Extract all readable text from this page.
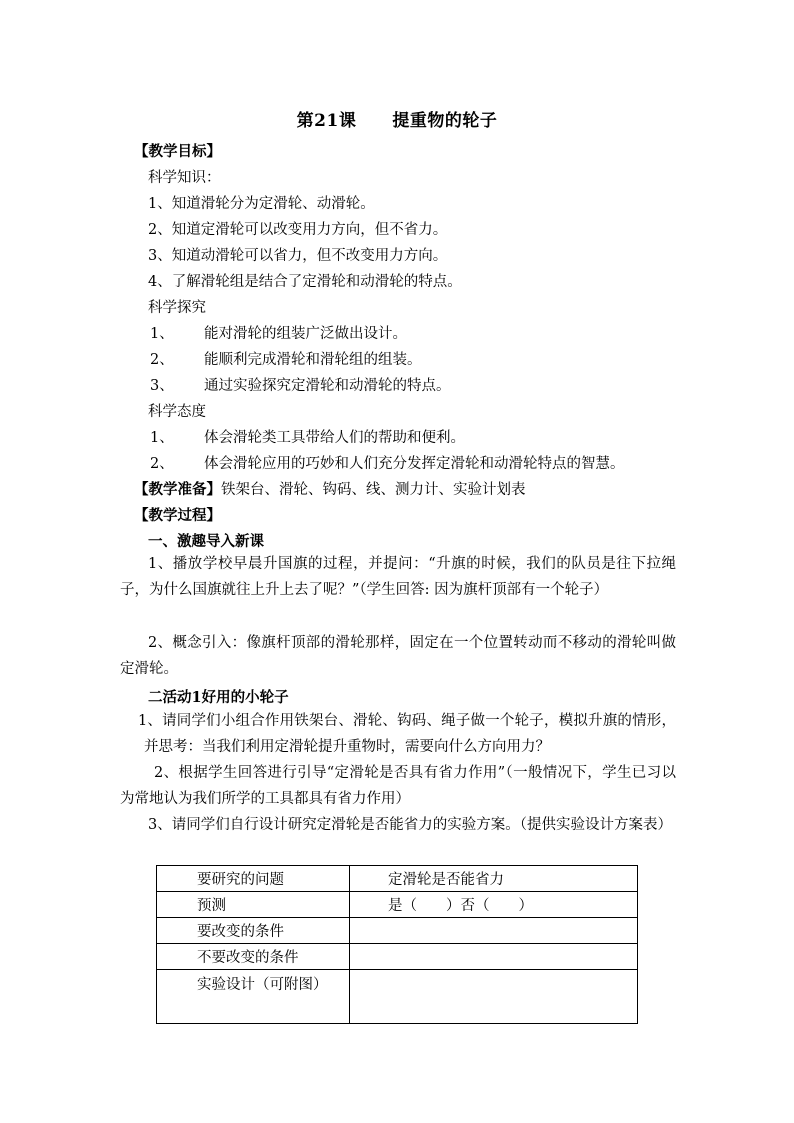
第21课 提重物的轮子
【教学目标】
科学知识：
1、知道滑轮分为定滑轮、动滑轮。
2、知道定滑轮可以改变用力方向，但不省力。
3、知道动滑轮可以省力，但不改变用力方向。
4、了解滑轮组是结合了定滑轮和动滑轮的特点。
科学探究
1、 能对滑轮的组装广泛做出设计。
2、 能顺利完成滑轮和滑轮组的组装。
3、 通过实验探究定滑轮和动滑轮的特点。
科学态度
1、 体会滑轮类工具带给人们的帮助和便利。
2、 体会滑轮应用的巧妙和人们充分发挥定滑轮和动滑轮特点的智慧。
【教学准备】铁架台、滑轮、钩码、线、测力计、实验计划表
【教学过程】
一、激趣导入新课
1、播放学校早晨升国旗的过程，并提问：“升旗的时候，我们的队员是往下拉绳子，为什么国旗就往上升上去了呢？”（学生回答: 因为旗杆顶部有一个轮子）
2、概念引入：像旗杆顶部的滑轮那样，固定在一个位置转动而不移动的滑轮叫做定滑轮。
二活动1好用的小轮子
1、请同学们小组合作用铁架台、滑轮、钩码、绳子做一个轮子，模拟升旗的情形，并思考：当我们利用定滑轮提升重物时，需要向什么方向用力？
2、根据学生回答进行引导“定滑轮是否具有省力作用”（一般情况下，学生已习以为常地认为我们所学的工具都具有省力作用）
3、请同学们自行设计研究定滑轮是否能省力的实验方案。（提供实验设计方案表）
要研究的问题	定滑轮是否能省力
预测	是（　　）否（　　）
要改变的条件	
不要改变的条件	
实验设计（可附图）	
